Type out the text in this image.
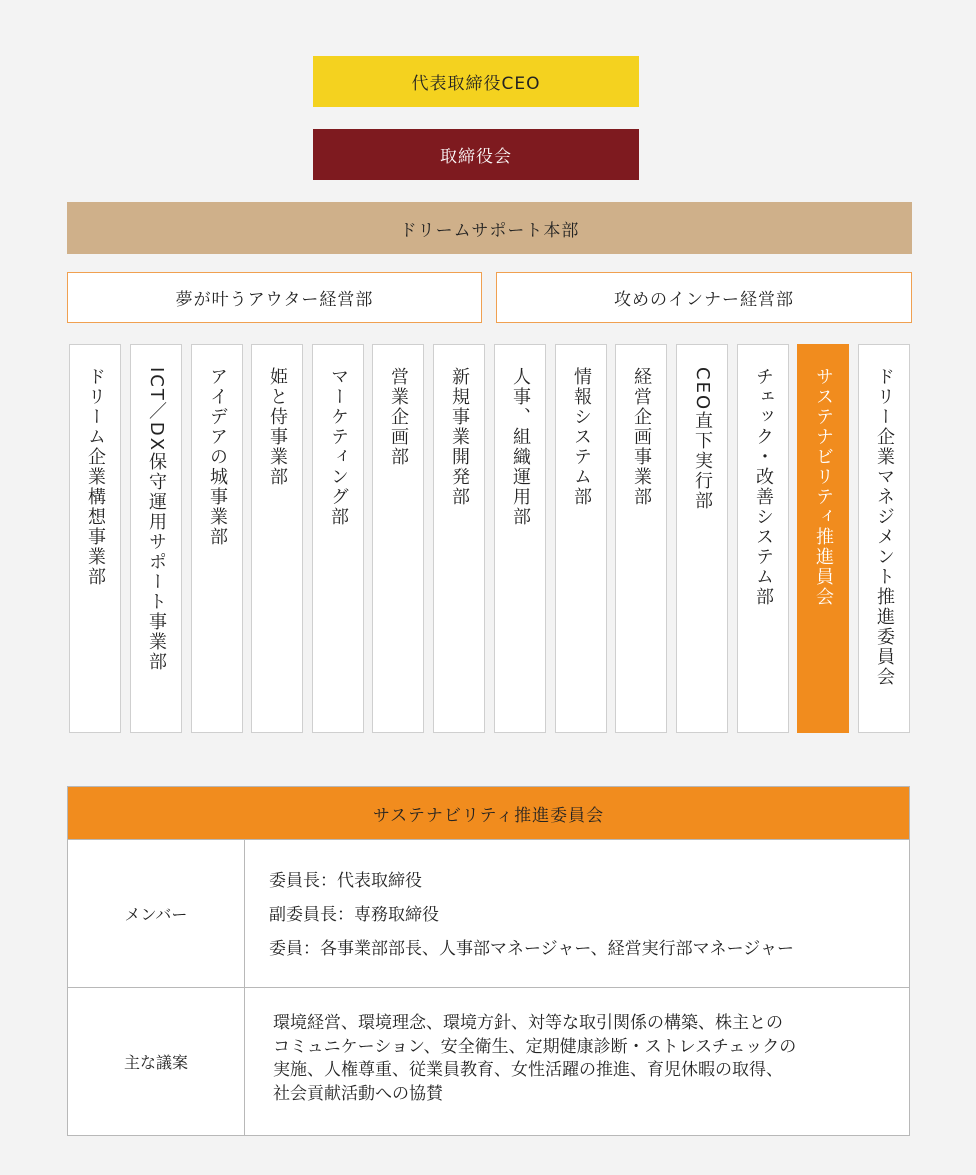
代表取締役CEO
取締役会
ドリームサポート本部
夢が叶うアウター経営部	攻めのインナー経営部
ドリーム企業構想事業部 ICT／DX保守運用サポート事業部 アイデアの城事業部 姫と侍事業部 マーケティング部 営業企画部 新規事業開発部 人事、組織運用部 情報システム部 経営企画事業部 CEO直下実行部 チェック・改善システム部 サステナビリティ推進員会 ドリー企業マネジメント推進委員会
サステナビリティ推進委員会
メンバー
委員長：代表取締役
副委員長：専務取締役
委員：各事業部部長、人事部マネージャー、経営実行部マネージャー
主な議案
環境経営、環境理念、環境方針、対等な取引関係の構築、株主との
コミュニケーション、安全衛生、定期健康診断・ストレスチェックの
実施、人権尊重、従業員教育、女性活躍の推進、育児休暇の取得、
社会貢献活動への協賛
